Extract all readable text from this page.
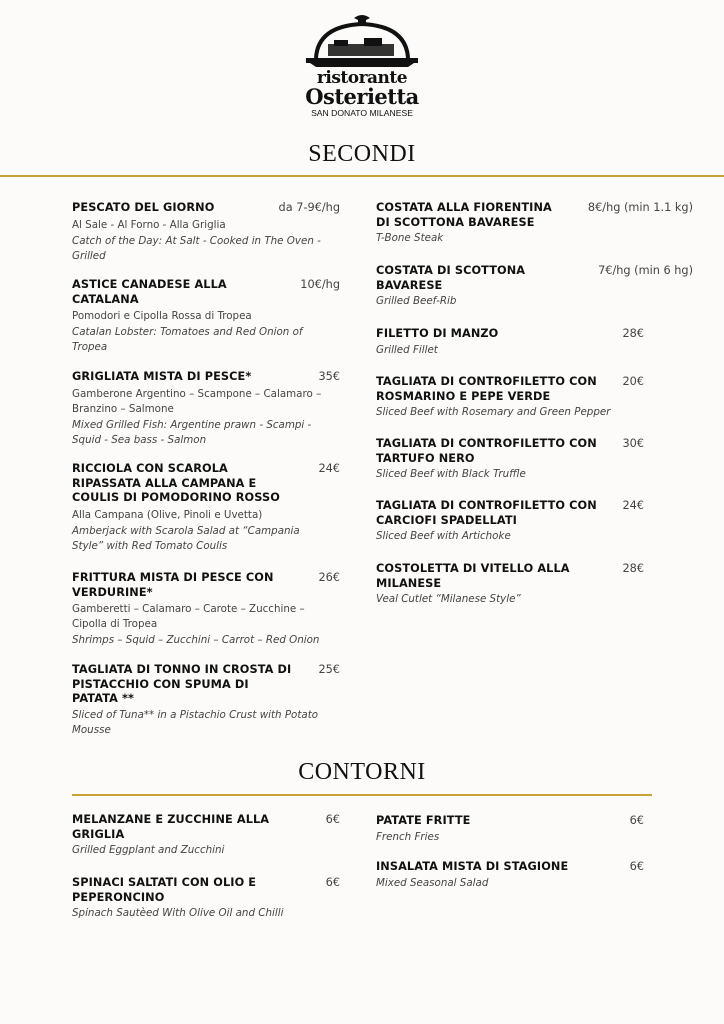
ristorante
Osterietta
SAN DONATO MILANESE
SECONDI
CONTORNI
PESCATO DEL GIORNO	da 7-9€/hg
Al Sale - Al Forno - Alla Griglia
Catch of the Day: At Salt - Cooked in The Oven -
Grilled
ASTICE CANADESE ALLA
CATALANA
10€/hg
Pomodori e Cipolla Rossa di Tropea
Catalan Lobster: Tomatoes and Red Onion of
Tropea
GRIGLIATA MISTA DI PESCE*	35€
Gamberone Argentino – Scampone – Calamaro –
Branzino – Salmone
Mixed Grilled Fish: Argentine prawn - Scampi -
Squid - Sea bass - Salmon
RICCIOLA CON SCAROLA
RIPASSATA ALLA CAMPANA E
COULIS DI POMODORINO ROSSO
24€
Alla Campana (Olive, Pinoli e Uvetta)
Amberjack with Scarola Salad at “Campania
Style” with Red Tomato Coulis
FRITTURA MISTA DI PESCE CON
VERDURINE*
26€
Gamberetti – Calamaro – Carote – Zucchine –
Cipolla di Tropea
Shrimps – Squid – Zucchini – Carrot – Red Onion
TAGLIATA DI TONNO IN CROSTA DI
PISTACCHIO CON SPUMA DI
PATATA **
25€
Sliced of Tuna** in a Pistachio Crust with Potato
Mousse
COSTATA ALLA FIORENTINA
DI SCOTTONA BAVARESE
8€/hg (min 1.1 kg)
T-Bone Steak
COSTATA DI SCOTTONA
BAVARESE
7€/hg (min 6 hg)
Grilled Beef-Rib
FILETTO DI MANZO	28€
Grilled Fillet
TAGLIATA DI CONTROFILETTO CON
ROSMARINO E PEPE VERDE
20€
Sliced Beef with Rosemary and Green Pepper
TAGLIATA DI CONTROFILETTO CON
TARTUFO NERO
30€
Sliced Beef with Black Truffle
TAGLIATA DI CONTROFILETTO CON
CARCIOFI SPADELLATI
24€
Sliced Beef with Artichoke
COSTOLETTA DI VITELLO ALLA
MILANESE
28€
Veal Cutlet “Milanese Style”
MELANZANE E ZUCCHINE ALLA
GRIGLIA
6€
Grilled Eggplant and Zucchini
SPINACI SALTATI CON OLIO E
PEPERONCINO
6€
Spinach Sautèed With Olive Oil and Chilli
PATATE FRITTE	6€
French Fries
INSALATA MISTA DI STAGIONE	6€
Mixed Seasonal Salad
